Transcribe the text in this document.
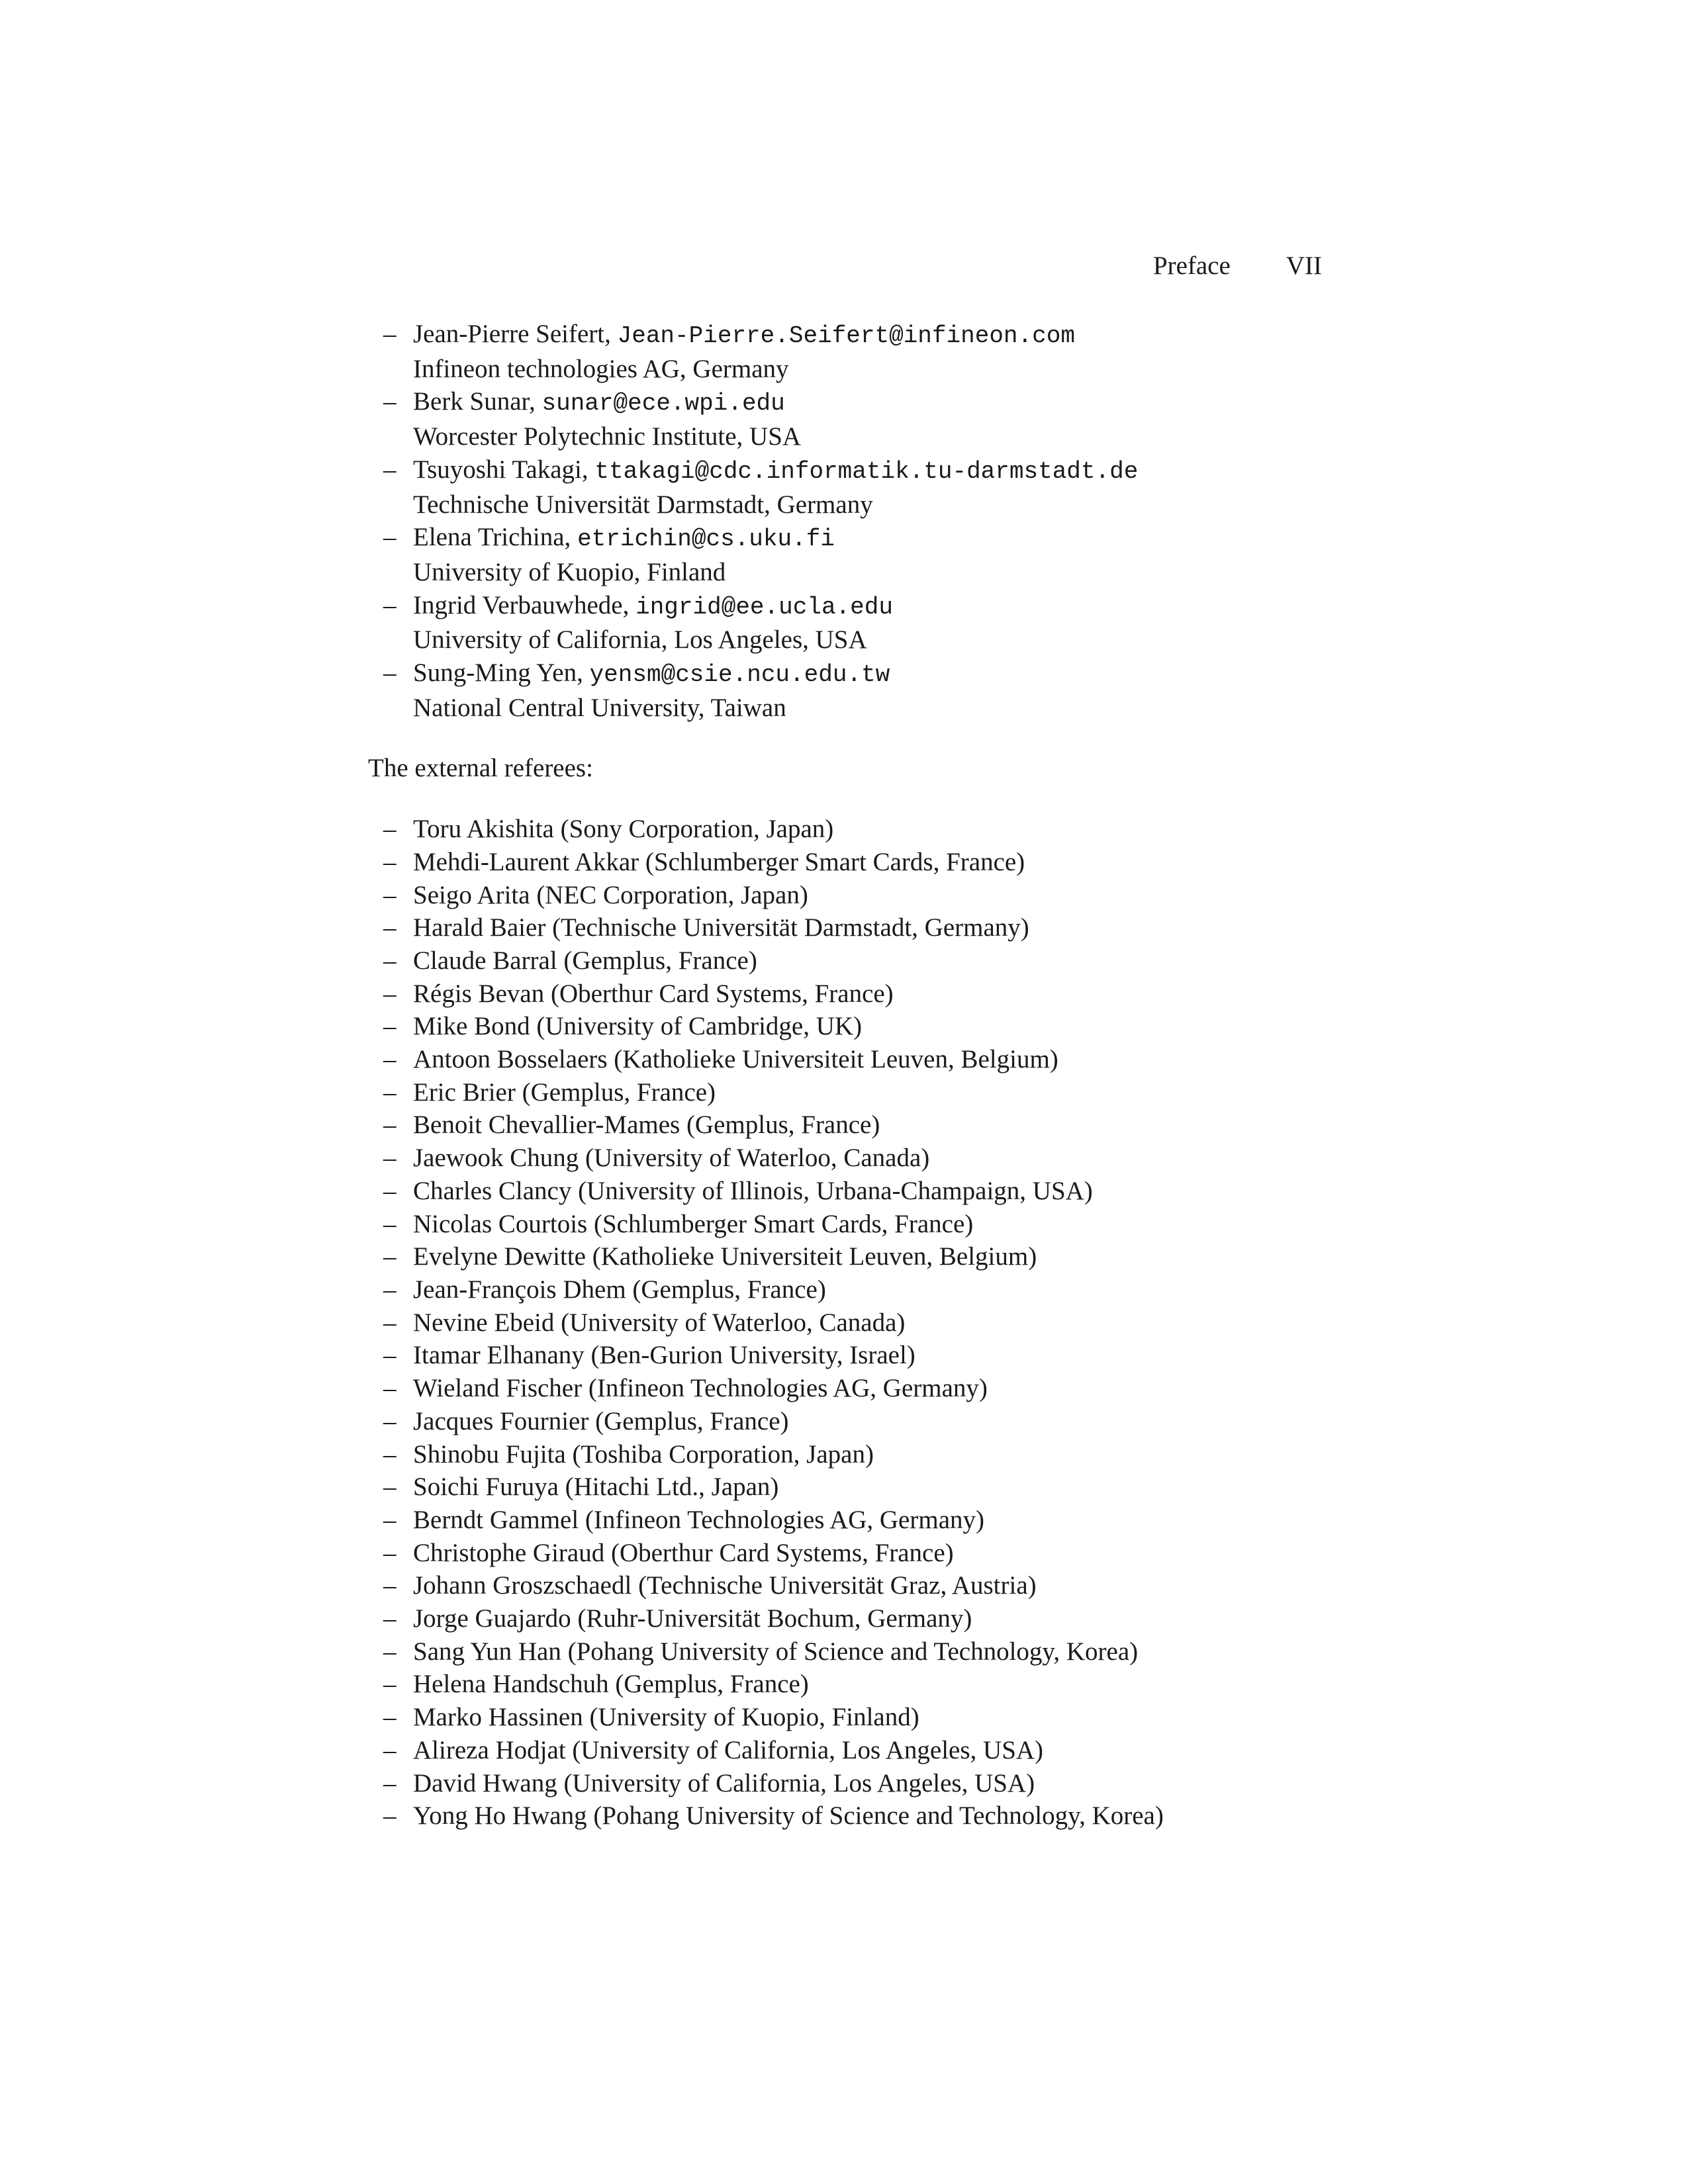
Preface VII
– Jean-Pierre Seifert, Jean-Pierre.Seifert@infineon.com
Infineon technologies AG, Germany
– Berk Sunar, sunar@ece.wpi.edu
Worcester Polytechnic Institute, USA
– Tsuyoshi Takagi, ttakagi@cdc.informatik.tu-darmstadt.de
Technische Universität Darmstadt, Germany
– Elena Trichina, etrichin@cs.uku.fi
University of Kuopio, Finland
– Ingrid Verbauwhede, ingrid@ee.ucla.edu
University of California, Los Angeles, USA
– Sung-Ming Yen, yensm@csie.ncu.edu.tw
National Central University, Taiwan
The external referees:
– Toru Akishita (Sony Corporation, Japan)
– Mehdi-Laurent Akkar (Schlumberger Smart Cards, France)
– Seigo Arita (NEC Corporation, Japan)
– Harald Baier (Technische Universität Darmstadt, Germany)
– Claude Barral (Gemplus, France)
– Régis Bevan (Oberthur Card Systems, France)
– Mike Bond (University of Cambridge, UK)
– Antoon Bosselaers (Katholieke Universiteit Leuven, Belgium)
– Eric Brier (Gemplus, France)
– Benoit Chevallier-Mames (Gemplus, France)
– Jaewook Chung (University of Waterloo, Canada)
– Charles Clancy (University of Illinois, Urbana-Champaign, USA)
– Nicolas Courtois (Schlumberger Smart Cards, France)
– Evelyne Dewitte (Katholieke Universiteit Leuven, Belgium)
– Jean-François Dhem (Gemplus, France)
– Nevine Ebeid (University of Waterloo, Canada)
– Itamar Elhanany (Ben-Gurion University, Israel)
– Wieland Fischer (Infineon Technologies AG, Germany)
– Jacques Fournier (Gemplus, France)
– Shinobu Fujita (Toshiba Corporation, Japan)
– Soichi Furuya (Hitachi Ltd., Japan)
– Berndt Gammel (Infineon Technologies AG, Germany)
– Christophe Giraud (Oberthur Card Systems, France)
– Johann Groszschaedl (Technische Universität Graz, Austria)
– Jorge Guajardo (Ruhr-Universität Bochum, Germany)
– Sang Yun Han (Pohang University of Science and Technology, Korea)
– Helena Handschuh (Gemplus, France)
– Marko Hassinen (University of Kuopio, Finland)
– Alireza Hodjat (University of California, Los Angeles, USA)
– David Hwang (University of California, Los Angeles, USA)
– Yong Ho Hwang (Pohang University of Science and Technology, Korea)
